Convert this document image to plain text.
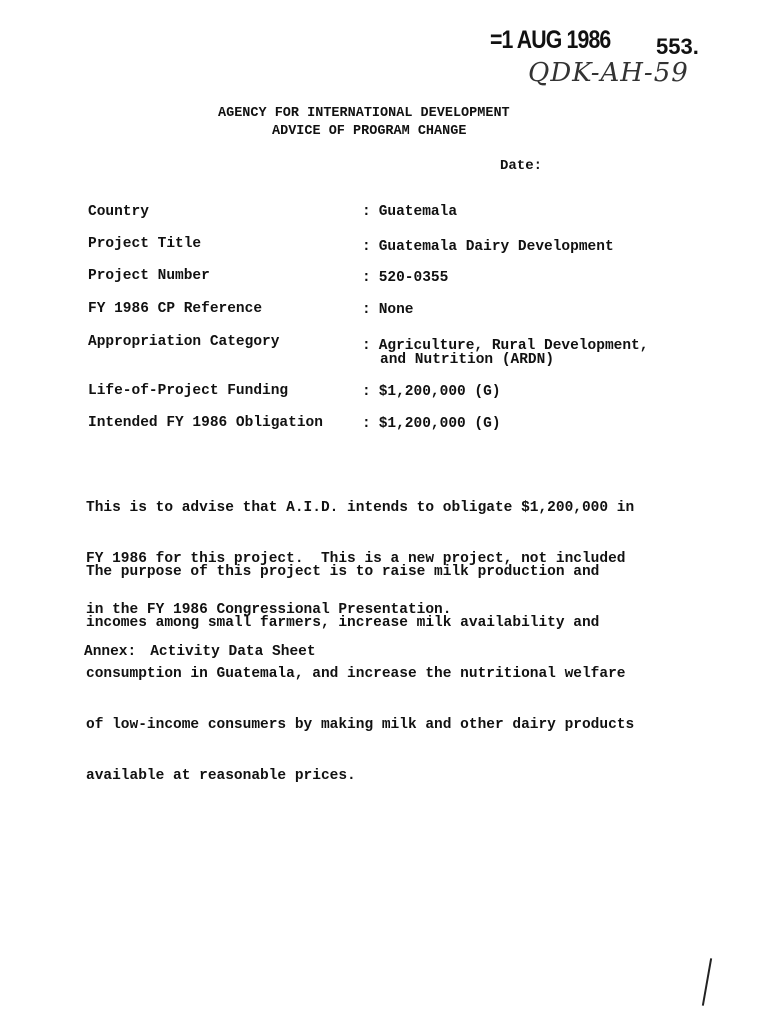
=1 AUG 1986 553.
QDK-AH-59
AGENCY FOR INTERNATIONAL DEVELOPMENT
ADVICE OF PROGRAM CHANGE
Date:
Country	: Guatemala
Project Title	: Guatemala Dairy Development
Project Number	: 520-0355
FY 1986 CP Reference	: None
Appropriation Category	: Agriculture, Rural Development,
and Nutrition (ARDN)
Life-of-Project Funding	: $1,200,000 (G)
Intended FY 1986 Obligation	: $1,200,000 (G)

This is to advise that A.I.D. intends to obligate $1,200,000 in

FY 1986 for this project.  This is a new project, not included

in the FY 1986 Congressional Presentation.

The purpose of this project is to raise milk production and

incomes among small farmers, increase milk availability and

consumption in Guatemala, and increase the nutritional welfare

of low-income consumers by making milk and other dairy products

available at reasonable prices.

Annex: Activity Data Sheet
